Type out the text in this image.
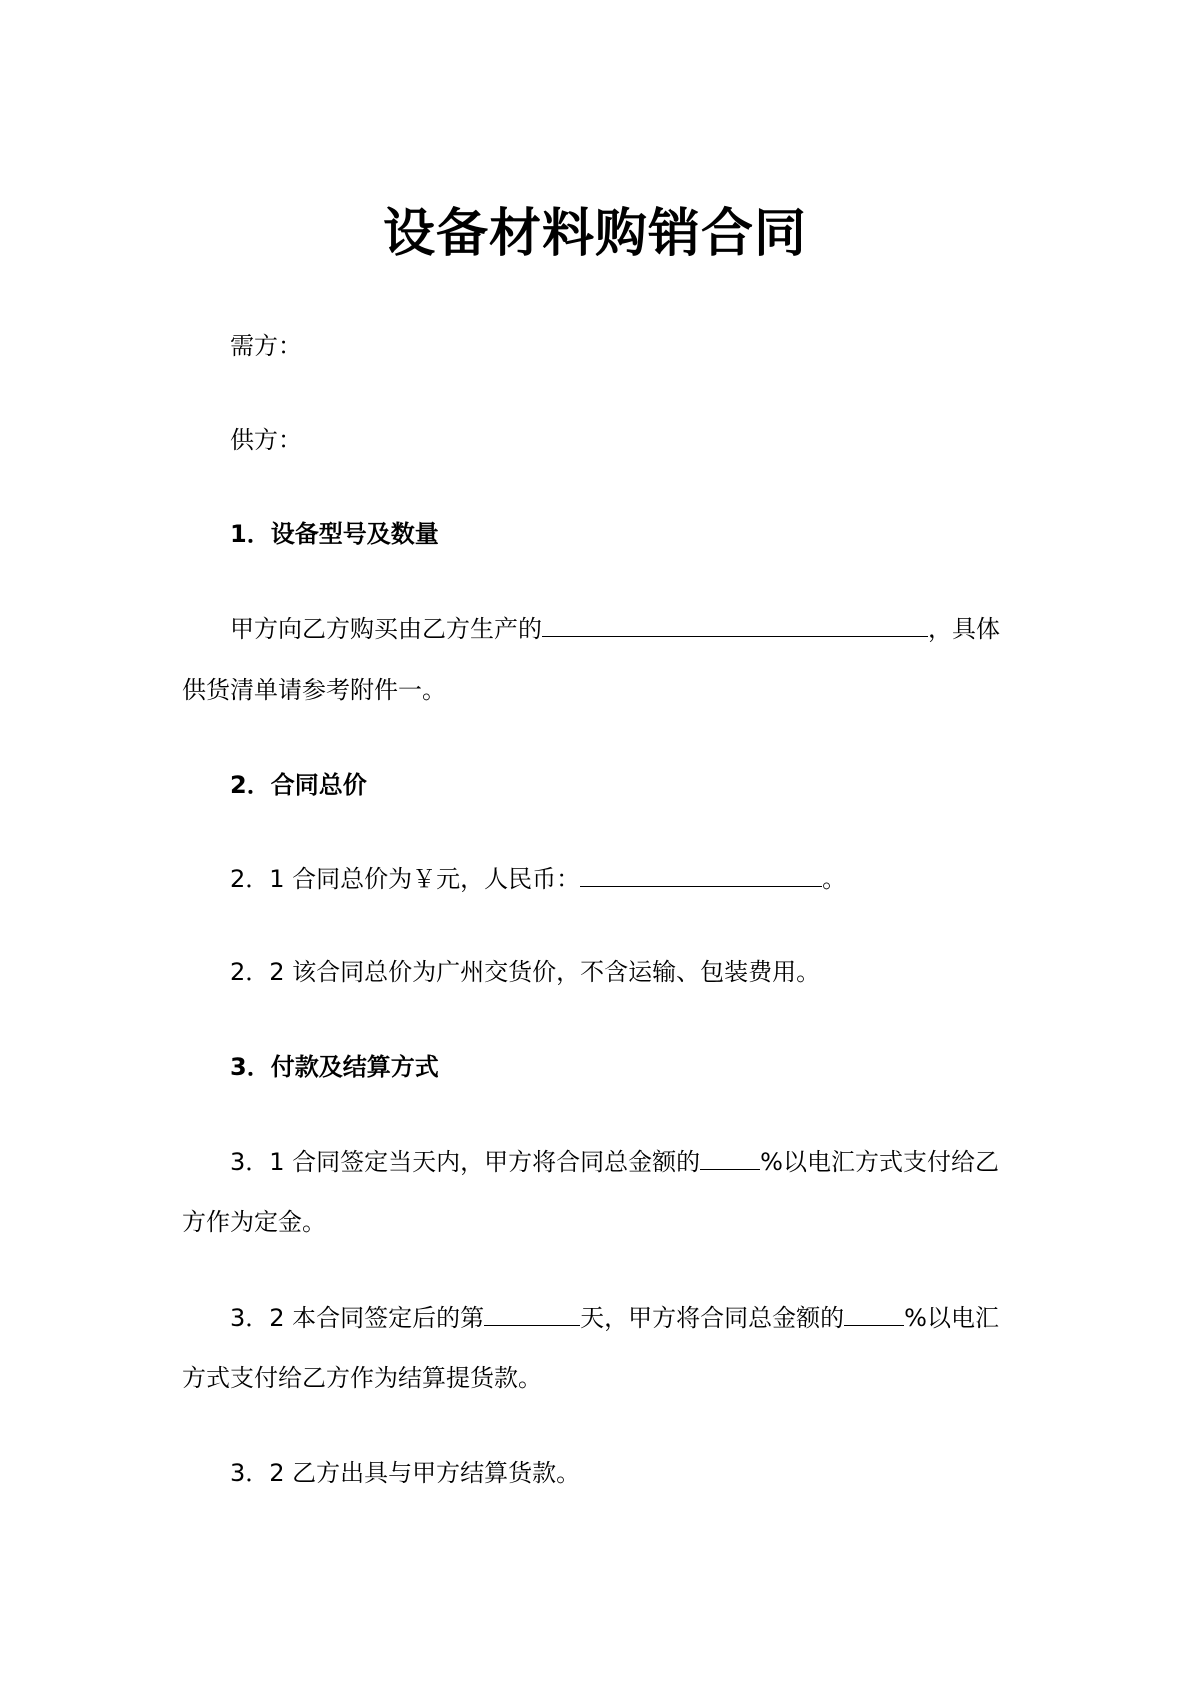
设备材料购销合同
需方：
供方：
1．设备型号及数量
甲方向乙方购买由乙方生产的	，具体
供货清单请参考附件一。
2．合同总价
2．1 合同总价为￥元，人民币：	。
2．2 该合同总价为广州交货价，不含运输、包装费用。
3．付款及结算方式
3．1 合同签定当天内，甲方将合同总金额的	%以电汇方式支付给乙
方作为定金。
3．2 本合同签定后的第	天，甲方将合同总金额的	%以电汇
方式支付给乙方作为结算提货款。
3．2 乙方出具与甲方结算货款。
